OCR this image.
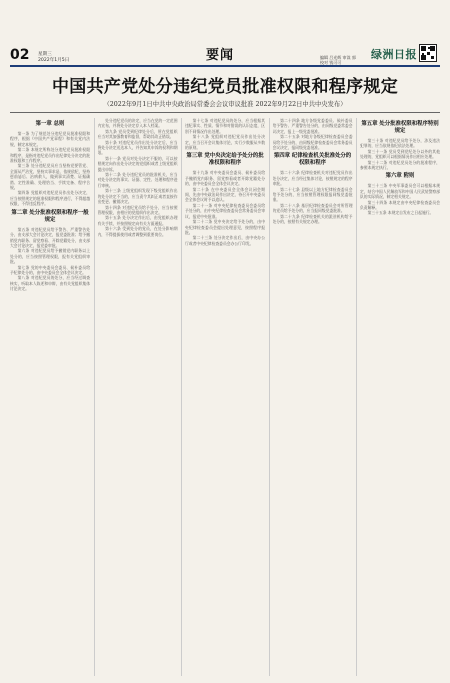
02 星期三
2022年1月5日	要闻	编辑 吕光辉 审读 郭
校对 钱可可
绿洲日报
中国共产党处分违纪党员批准权限和程序规定
（2022年9月1日中共中央政治局常委会会议审议批准 2022年9月22日中共中央发布）

第一章 总则

第一条 为了规范处分违纪党员批准权限和程序，根据《中国共产党章程》和有关党内法规，制定本规定。

第二条 本规定所称处分违纪党员批准权限和程序，是指对违纪党员作出纪律处分决定的批准权限和工作程序。

第三条 处分违纪党员应当坚持党要管党、全面从严治党，坚持实事求是、依规依纪，坚持惩前毖后、治病救人，做到事实清楚、证据确凿、定性准确、处理恰当、手续完备、程序合规。

第四条 党组织对违纪党员作出处分决定，应当按照规定的批准权限和程序进行，不得超越权限，不得违反程序。

第二章 处分批准权限和程序一般规定

第五条 对违纪党员给予警告、严重警告处分，由支部大会讨论决定，报党委批准；给予撤销党内职务、留党察看、开除党籍处分，由支部大会讨论决定，报党委审批。

第六条 对违纪党员给予撤销党内职务以上处分的，应当按照管理权限，报有关党组织审批。

第七条 党的中央委员会委员、候补委员给予纪律处分的，由中央委员会全体会议决定。

第八条 对违纪党员的处分，应当经过调查核实，听取本人陈述和申辩，由有关党组织集体讨论决定。

处分违纪党员的决定，应当在党的一定范围内宣布，并将处分决定存入本人档案。

第九条 党员受到纪律处分后，所在党组织应当对其加强教育和监督，帮助其改正错误。

第十条 对违纪党员作出处分决定后，应当将处分决定送达本人，并告知其申诉的权利和期限。

第十一条 党员对处分决定不服的，可以按照规定向作出处分决定的党组织或者上级党组织提出申诉。

第十二条 处分违纪党员的批准机关，应当对处分决定的事实、证据、定性、处理和程序进行审核。

第十三条 上级党组织发现下级党组织作出的处分决定不当的，应当责令其纠正或者直接作出变更、撤销决定。

第十四条 对违纪党员给予处分，应当按照管理权限，由相应的党组织作出决定。

第十五条 处分决定作出后，由党组织办理有关手续，并按照规定向有关方面通报。

第十六条 受到处分的党员，在处分影响期内，不得提拔使用或者调整到重要岗位。

第十七条 对违纪党员的处分，应当根据其违纪事实、性质、情节和对错误的认识态度，区别不同情况作出处理。

第十八条 党组织对违纪党员作出处分决定，应当召开会议集体讨论，实行少数服从多数的原则。

第三章 党中央决定给予处分的批准权限和程序

第十九条 对中央委员会委员、候补委员给予撤销党内职务、留党察看或者开除党籍处分的，由中央委员会全体会议决定。

第二十条 在中央委员会全体会议闭会期间，先由中央政治局作出决定，待召开中央委员会全体会议时予以追认。

第二十一条 对中央纪律检查委员会委员给予处分的，由中央纪律检查委员会常务委员会审议，报党中央批准。

第二十二条 党中央决定给予处分的，由中央纪律检查委员会提出处理意见，按照程序报批。

第二十三条 处分决定作出后，由中央办公厅或者中央纪律检查委员会办公厅印发。

第二十四条 地方各级党委委员、候补委员给予警告、严重警告处分的，由同级党委常委会议决定，报上一级党委批准。

第二十五条 对地方各级纪律检查委员会委员给予处分的，由同级纪律检查委员会常务委员会议决定，报同级党委批准。

第四章 纪律检查机关批准处分的权限和程序

第二十六条 纪律检查机关对违纪党员作出处分决定，应当经过集体讨论，按照规定的程序审批。

第二十七条 县级以上地方纪律检查委员会给予处分的，应当按照管理权限报同级党委批准。

第二十八条 基层纪律检查委员会对所管理的党员给予处分的，应当报同级党委批准。

第二十九条 纪律检查机关的派驻机构给予处分的，按照有关规定办理。

第五章 处分批准权限和程序特别规定

第三十条 对违纪党员给予处分，涉及违法犯罪的，应当依规依纪依法处理。

第三十一条 党员受到党纪处分以外的其他处理的，党组织可以根据情况作出相应处理。

第三十二条 对违纪党员处分的批准程序，参照本规定执行。

第六章 附则

第三十三条 中央军事委员会可以根据本规定，结合中国人民解放军和中国人民武装警察部队的实际情况，制定相关规定。

第三十四条 本规定由中央纪律检查委员会负责解释。

第三十五条 本规定自发布之日起施行。
